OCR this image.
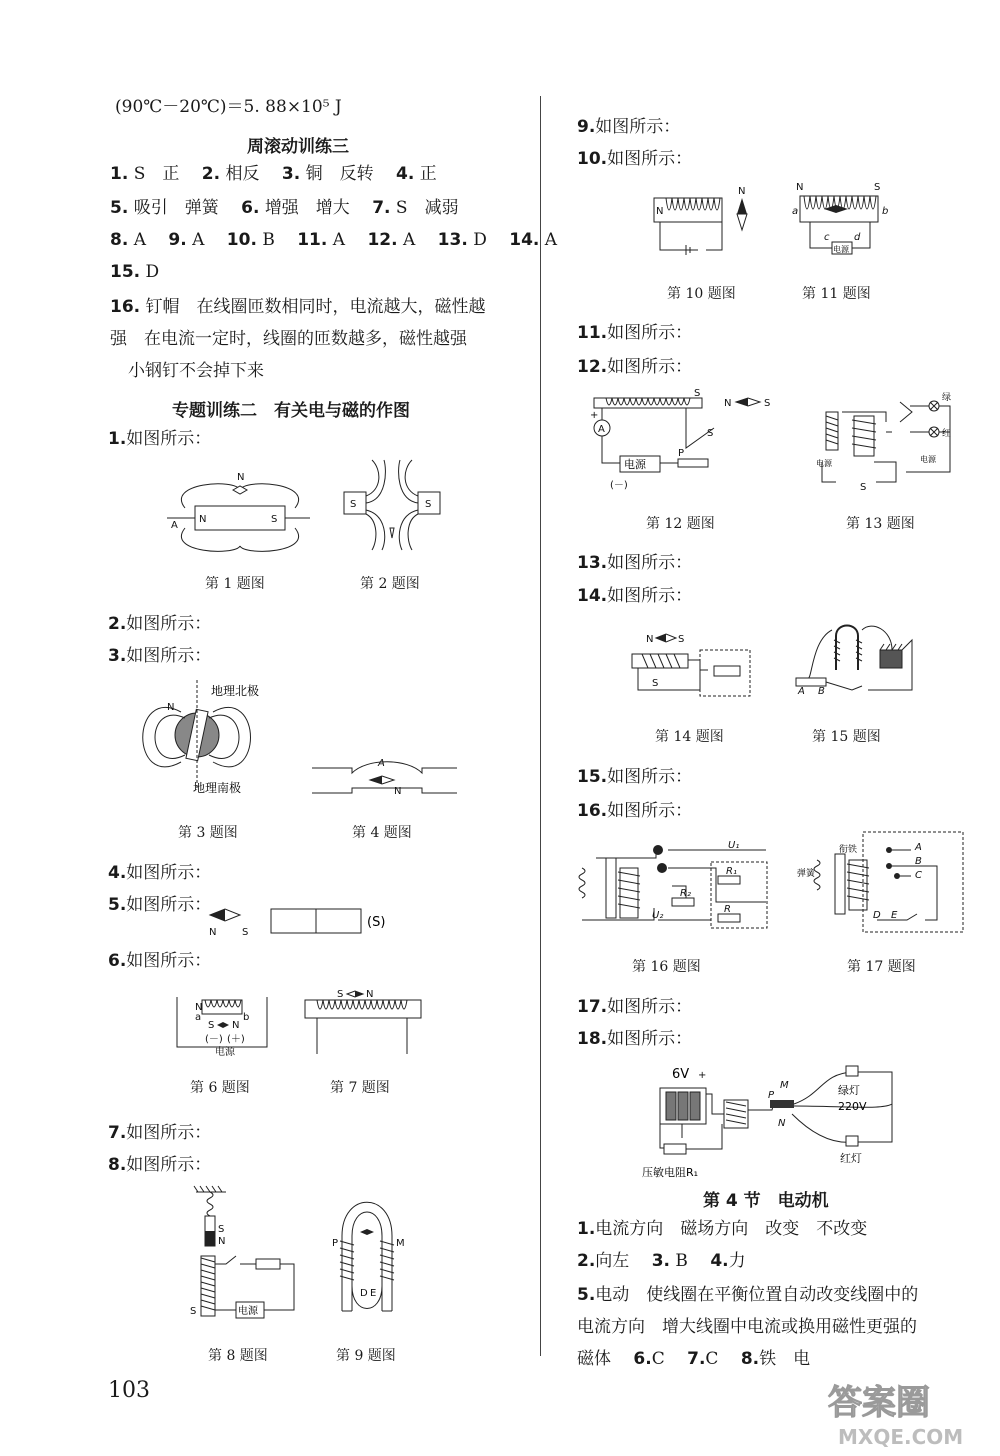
(90℃－20℃)＝5. 88×10⁵ J
周滚动训练三
1. S　正　 2. 相反　 3. 铜　反转　 4. 正
5. 吸引　弹簧　 6. 增强　增大　 7. S　减弱
8. A　 9. A　 10. B　 11. A　 12. A　 13. D　 14. A
15. D
16. 钉帽　在线圈匝数相同时，电流越大，磁性越
强　在电流一定时，线圈的匝数越多，磁性越强
小钢钉不会掉下来
专题训练二　有关电与磁的作图
1.如图所示：
N
N	S
A
S	S
第 1 题图	第 2 题图
2.如图所示：
3.如图所示：
N
地理北极
地理南极
A
N
第 3 题图	第 4 题图
4.如图所示：
5.如图所示：
N	S
(S)
6.如图所示：
N
a	b
S N
(－) (＋)
电源
S N
第 6 题图	第 7 题图
7.如图所示：
8.如图所示：
S
N
电源
S
P	M
D E
第 8 题图	第 9 题图
9.如图所示：
10.如图所示：
N
N	N	S
a	b
电源
c d
第 10 题图	第 11 题图
11.如图所示：
12.如图所示：
S
+
A
电源
P
S
(－)
N	S	绿
红
电源
电源
S
第 12 题图	第 13 题图
13.如图所示：
14.如图所示：
N S
S
A B
第 14 题图	第 15 题图
15.如图所示：
16.如图所示：
U₁
R₁
R
R₂
U₂
弹簧
衔铁	A
B
C
D E
第 16 题图	第 17 题图
17.如图所示：
18.如图所示：
6V +
压敏电阻R₁
P
M
N
绿灯
220V
红灯
第 4 节　电动机
1.电流方向　磁场方向　改变　不改变
2.向左　 3. B　 4.力
5.电动　使线圈在平衡位置自动改变线圈中的
电流方向　增大线圈中电流或换用磁性更强的
磁体　 6.C　 7.C　 8.铁　电
103	答案圈
MXQE.COM
